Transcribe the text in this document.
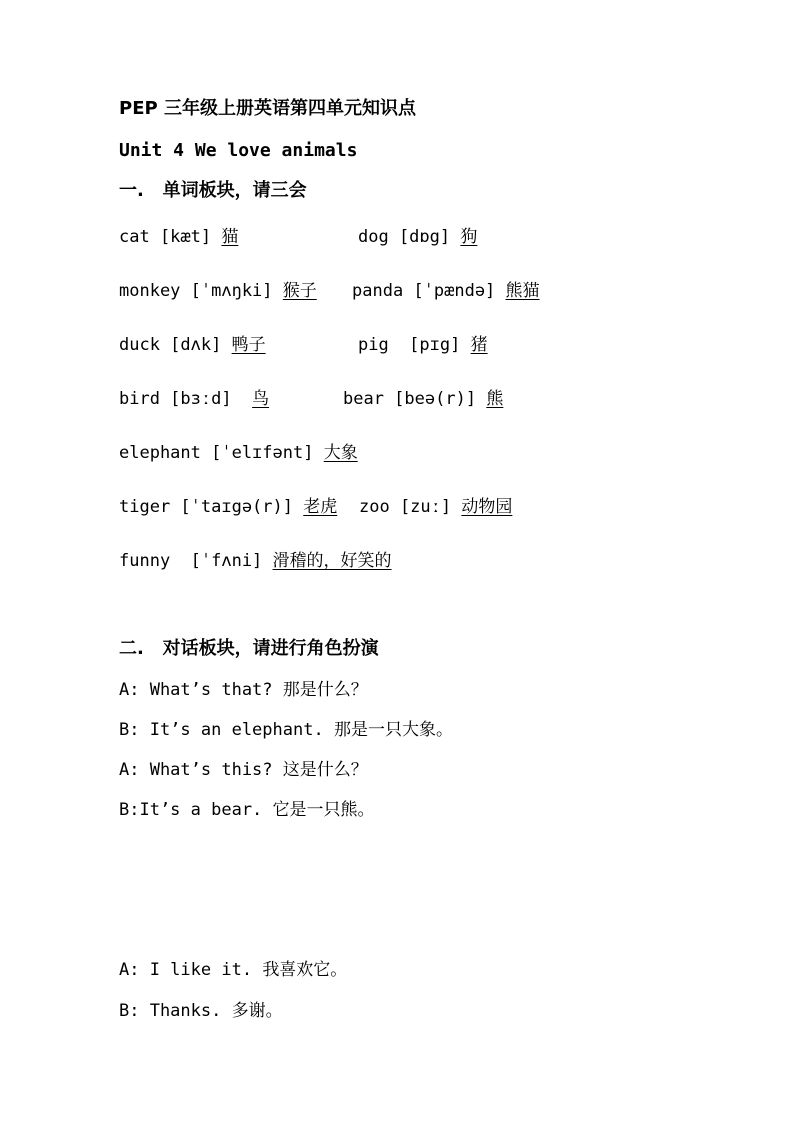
PEP 三年级上册英语第四单元知识点
Unit 4 We love animals
一. 单词板块，请三会
cat [kæt] 猫	dog [dɒg] 狗
monkey [ˈmʌŋki] 猴子 panda [ˈpændə] 熊猫
duck [dʌk] 鸭子	pig  [pɪg] 猪
bird [bɜːd] 鸟	bear [beə(r)] 熊
elephant [ˈelɪfənt] 大象
tiger [ˈtaɪgə(r)] 老虎 zoo [zuː] 动物园
funny  [ˈfʌni] 滑稽的，好笑的
二. 对话板块，请进行角色扮演
A: What’s that? 那是什么？
B: It’s an elephant. 那是一只大象。
A: What’s this? 这是什么？
B:It’s a bear. 它是一只熊。
A: I like it. 我喜欢它。
B: Thanks. 多谢。
